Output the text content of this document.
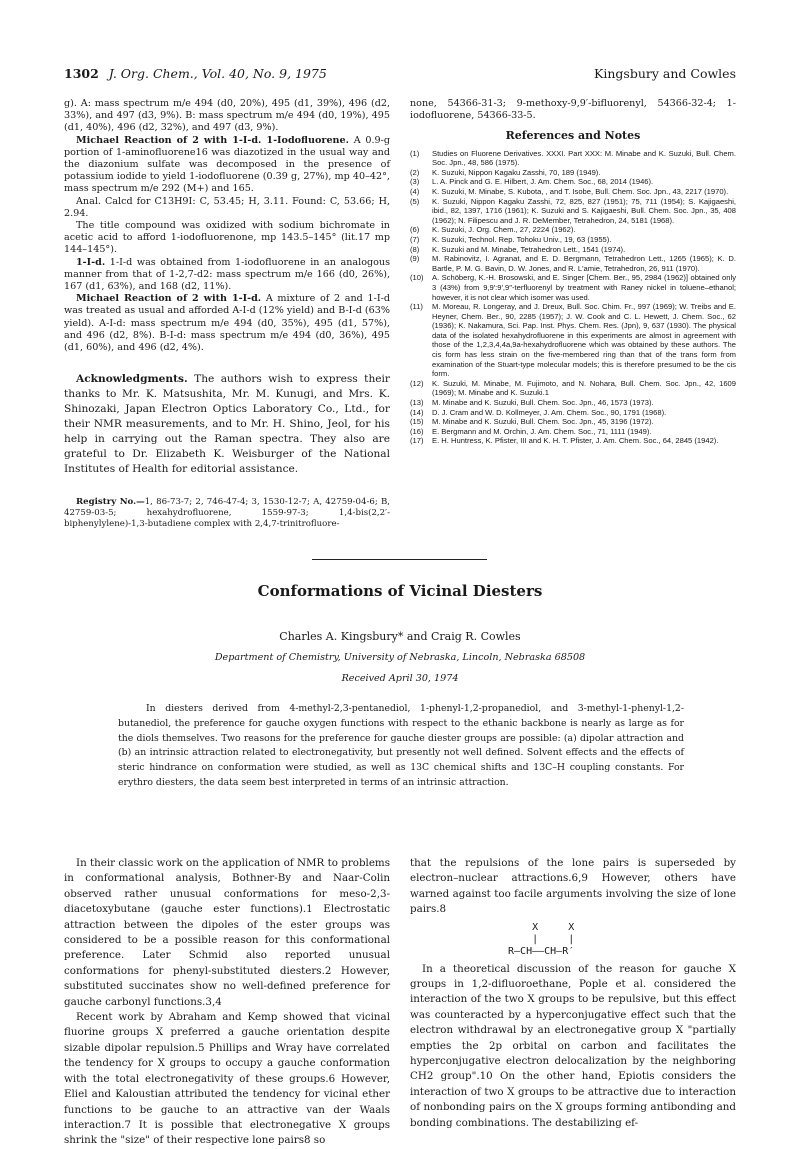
1302 J. Org. Chem., Vol. 40, No. 9, 1975	Kingsbury and Cowles

g). A: mass spectrum m/e 494 (d0, 20%), 495 (d1, 39%), 496 (d2, 33%), and 497 (d3, 9%). B: mass spectrum m/e 494 (d0, 19%), 495 (d1, 40%), 496 (d2, 32%), and 497 (d3, 9%).

Michael Reaction of 2 with 1-I-d. 1-Iodofluorene. A 0.9-g portion of 1-aminofluorene16 was diazotized in the usual way and the diazonium sulfate was decomposed in the presence of potassium iodide to yield 1-iodofluorene (0.39 g, 27%), mp 40–42°, mass spectrum m/e 292 (M+) and 165.

Anal. Calcd for C13H9I: C, 53.45; H, 3.11. Found: C, 53.66; H, 2.94.

The title compound was oxidized with sodium bichromate in acetic acid to afford 1-iodofluorenone, mp 143.5–145° (lit.17 mp 144–145°).

1-I-d. 1-I-d was obtained from 1-iodofluorene in an analogous manner from that of 1-2,7-d2: mass spectrum m/e 166 (d0, 26%), 167 (d1, 63%), and 168 (d2, 11%).

Michael Reaction of 2 with 1-I-d. A mixture of 2 and 1-I-d was treated as usual and afforded A-I-d (12% yield) and B-I-d (63% yield). A-I-d: mass spectrum m/e 494 (d0, 35%), 495 (d1, 57%), and 496 (d2, 8%). B-I-d: mass spectrum m/e 494 (d0, 36%), 495 (d1, 60%), and 496 (d2, 4%).

Acknowledgments. The authors wish to express their thanks to Mr. K. Matsushita, Mr. M. Kunugi, and Mrs. K. Shinozaki, Japan Electron Optics Laboratory Co., Ltd., for their NMR measurements, and to Mr. H. Shino, Jeol, for his help in carrying out the Raman spectra. They also are grateful to Dr. Elizabeth K. Weisburger of the National Institutes of Health for editorial assistance.

Registry No.—1, 86-73-7; 2, 746-47-4; 3, 1530-12-7; A, 42759-04-6; B, 42759-03-5; hexahydrofluorene, 1559-97-3; 1,4-bis(2,2′-biphenylylene)-1,3-butadiene complex with 2,4,7-trinitrofluore-

none, 54366-31-3; 9-methoxy-9,9′-bifluorenyl, 54366-32-4; 1-iodofluorene, 54366-33-5.

References and Notes
(1)	Studies on Fluorene Derivatives. XXXI. Part XXX: M. Minabe and K. Suzuki, Bull. Chem. Soc. Jpn., 48, 586 (1975).
(2)	K. Suzuki, Nippon Kagaku Zasshi, 70, 189 (1949).
(3)	L. A. Pinck and G. E. Hilbert, J. Am. Chem. Soc., 68, 2014 (1946).
(4)	K. Suzuki, M. Minabe, S. Kubota, , and T. Isobe, Bull. Chem. Soc. Jpn., 43, 2217 (1970).
(5)	K. Suzuki, Nippon Kagaku Zasshi, 72, 825, 827 (1951); 75, 711 (1954); S. Kajigaeshi, ibid., 82, 1397, 1716 (1961); K. Suzuki and S. Kajigaeshi, Bull. Chem. Soc. Jpn., 35, 408 (1962); N. Filipescu and J. R. DeMember, Tetrahedron, 24, 5181 (1968).
(6)	K. Suzuki, J. Org. Chem., 27, 2224 (1962).
(7)	K. Suzuki, Technol. Rep. Tohoku Univ., 19, 63 (1955).
(8)	K. Suzuki and M. Minabe, Tetrahedron Lett., 1541 (1974).
(9)	M. Rabinovitz, I. Agranat, and E. D. Bergmann, Tetrahedron Lett., 1265 (1965); K. D. Bartle, P. M. G. Bavin, D. W. Jones, and R. L'amie, Tetrahedron, 26, 911 (1970).
(10)	A. Schöberg, K.-H. Brosowski, and E. Singer [Chem. Ber., 95, 2984 (1962)] obtained only 3 (43%) from 9,9′:9′,9″-terfluorenyl by treatment with Raney nickel in toluene–ethanol; however, it is not clear which isomer was used.
(11)	M. Moreau, R. Longeray, and J. Dreux, Bull. Soc. Chim. Fr., 997 (1969); W. Treibs and E. Heyner, Chem. Ber., 90, 2285 (1957); J. W. Cook and C. L. Hewett, J. Chem. Soc., 62 (1936); K. Nakamura, Sci. Pap. Inst. Phys. Chem. Res. (Jpn), 9, 637 (1930). The physical data of the isolated hexahydrofluorene in this experiments are almost in agreement with those of the 1,2,3,4,4a,9a-hexahydrofluorene which was obtained by these authors. The cis form has less strain on the five-membered ring than that of the trans form from examination of the Stuart-type molecular models; this is therefore presumed to be the cis form.
(12)	K. Suzuki, M. Minabe, M. Fujimoto, and N. Nohara, Bull. Chem. Soc. Jpn., 42, 1609 (1969); M. Minabe and K. Suzuki.1
(13)	M. Minabe and K. Suzuki, Bull. Chem. Soc. Jpn., 46, 1573 (1973).
(14)	D. J. Cram and W. D. Kollmeyer, J. Am. Chem. Soc., 90, 1791 (1968).
(15)	M. Minabe and K. Suzuki, Bull. Chem. Soc. Jpn., 45, 3196 (1972).
(16)	E. Bergmann and M. Orchin, J. Am. Chem. Soc., 71, 1111 (1949).
(17)	E. H. Huntress, K. Pfister, III and K. H. T. Pfister, J. Am. Chem. Soc., 64, 2845 (1942).
Conformations of Vicinal Diesters
Charles A. Kingsbury* and Craig R. Cowles
Department of Chemistry, University of Nebraska, Lincoln, Nebraska 68508
Received April 30, 1974

In diesters derived from 4-methyl-2,3-pentanediol, 1-phenyl-1,2-propanediol, and 3-methyl-1-phenyl-1,2-butanediol, the preference for gauche oxygen functions with respect to the ethanic backbone is nearly as large as for the diols themselves. Two reasons for the preference for gauche diester groups are possible: (a) dipolar attraction and (b) an intrinsic attraction related to electronegativity, but presently not well defined. Solvent effects and the effects of steric hindrance on conformation were studied, as well as 13C chemical shifts and 13C–H coupling constants. For erythro diesters, the data seem best interpreted in terms of an intrinsic attraction.

In their classic work on the application of NMR to problems in conformational analysis, Bothner-By and Naar-Colin observed rather unusual conformations for meso-2,3-diacetoxybutane (gauche ester functions).1 Electrostatic attraction between the dipoles of the ester groups was considered to be a possible reason for this conformational preference. Later Schmid also reported unusual conformations for phenyl-substituted diesters.2 However, substituted succinates show no well-defined preference for gauche carbonyl functions.3,4

Recent work by Abraham and Kemp showed that vicinal fluorine groups X preferred a gauche orientation despite sizable dipolar repulsion.5 Phillips and Wray have correlated the tendency for X groups to occupy a gauche conformation with the total electronegativity of these groups.6 However, Eliel and Kaloustian attributed the tendency for vicinal ether functions to be gauche to an attractive van der Waals interaction.7 It is possible that electronegative X groups shrink the "size" of their respective lone pairs8 so

that the repulsions of the lone pairs is superseded by electron–nuclear attractions.6,9 However, others have warned against too facile arguments involving the size of lone pairs.8

X     X
|     |
R—CH——CH—R′

In a theoretical discussion of the reason for gauche X groups in 1,2-difluoroethane, Pople et al. considered the interaction of the two X groups to be repulsive, but this effect was counteracted by a hyperconjugative effect such that the electron withdrawal by an electronegative group X "partially empties the 2p orbital on carbon and facilitates the hyperconjugative electron delocalization by the neighboring CH2 group".10 On the other hand, Epiotis considers the interaction of two X groups to be attractive due to interaction of nonbonding pairs on the X groups forming antibonding and bonding combinations. The destabilizing ef-
